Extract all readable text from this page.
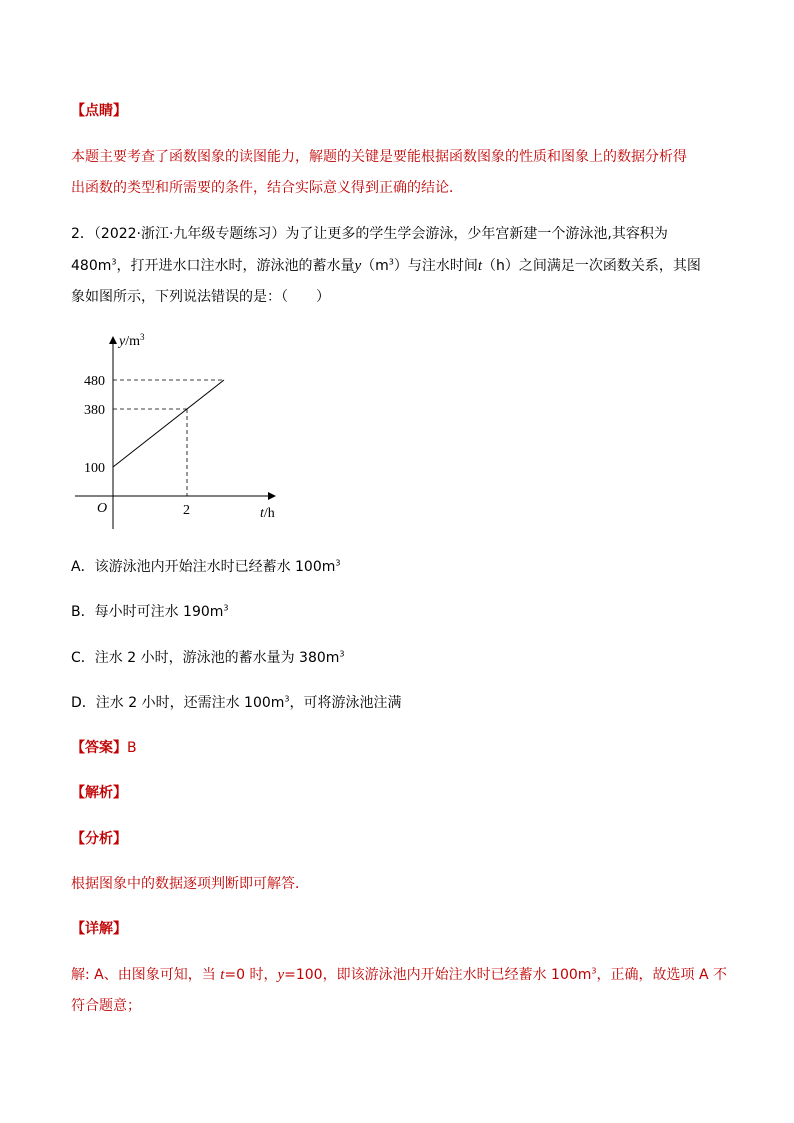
【点睛】
本题主要考查了函数图象的读图能力，解题的关键是要能根据函数图象的性质和图象上的数据分析得
出函数的类型和所需要的条件，结合实际意义得到正确的结论．
2．（2022·浙江·九年级专题练习）为了让更多的学生学会游泳，少年宫新建一个游泳池,其容积为
$480m^3$，打开进水口注水时，游泳池的蓄水量$y(m^3)$与注水时间t（h）之间满足一次函数关系，其图
象如图所示，下列说法错误的是：（　　）
$y/m^3$
480
380
100
O	2	t/h
A．该游泳池内开始注水时已经蓄水 $100m^3$
B．每小时可注水 $190m^3$
C．注水 2 小时，游泳池的蓄水量为 $380m^3$
D．注水 2 小时，还需注水 $100m^3$，可将游泳池注满
【答案】B
【解析】
【分析】
根据图象中的数据逐项判断即可解答．
【详解】
解: A、由图象可知，当 t=0 时，y=100，即该游泳池内开始注水时已经蓄水 $100m^3$，正确，故选项 A 不
符合题意；
